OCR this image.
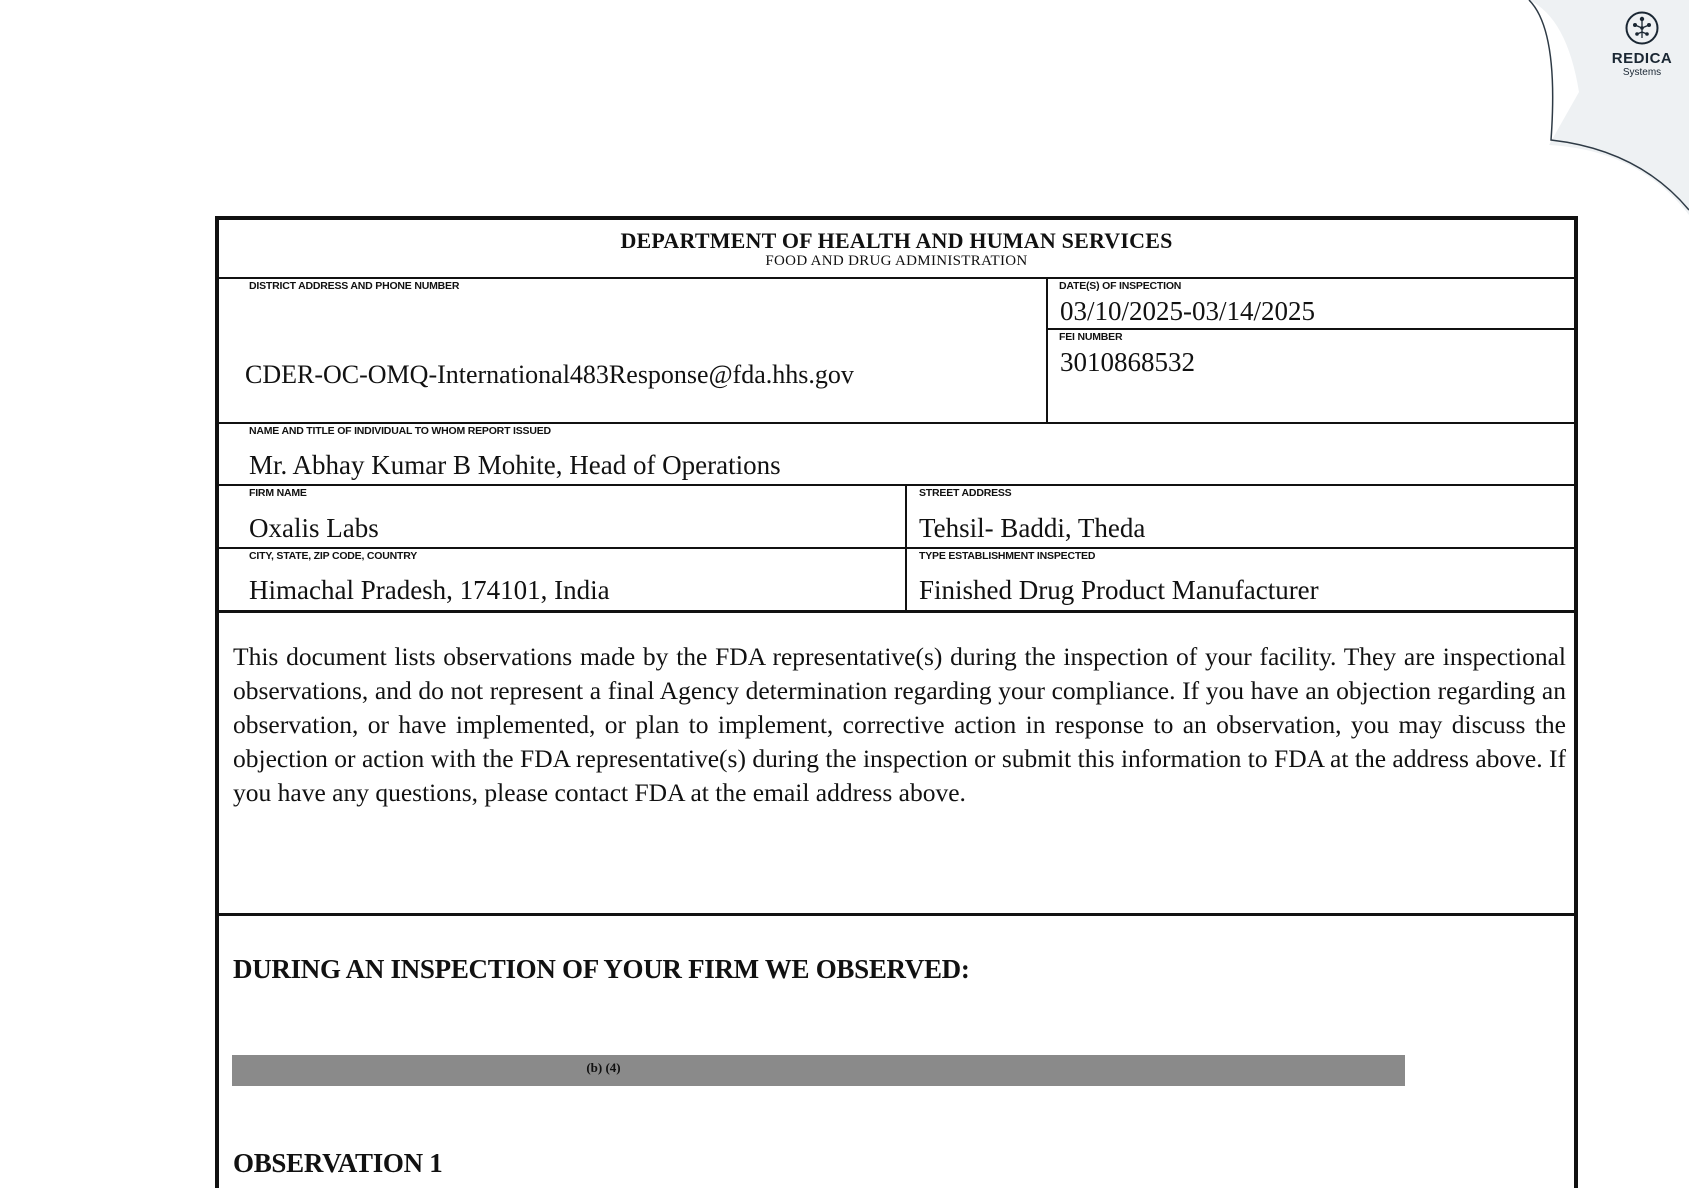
REDICA
Systems
DEPARTMENT OF HEALTH AND HUMAN SERVICES
FOOD AND DRUG ADMINISTRATION
DISTRICT ADDRESS AND PHONE NUMBER
CDER-OC-OMQ-International483Response@fda.hhs.gov
DATE(S) OF INSPECTION
03/10/2025-03/14/2025
FEI NUMBER
3010868532
NAME AND TITLE OF INDIVIDUAL TO WHOM REPORT ISSUED
Mr. Abhay Kumar B Mohite, Head of Operations
FIRM NAME
Oxalis Labs
STREET ADDRESS
Tehsil- Baddi, Theda
CITY, STATE, ZIP CODE, COUNTRY
Himachal Pradesh, 174101, India
TYPE ESTABLISHMENT INSPECTED
Finished Drug Product Manufacturer
This document lists observations made by the FDA representative(s) during the inspection of your facility. They are inspectional observations, and do not represent a final Agency determination regarding your compliance. If you have an objection regarding an observation, or have implemented, or plan to implement, corrective action in response to an observation, you may discuss the objection or action with the FDA representative(s) during the inspection or submit this information to FDA at the address above. If you have any questions, please contact FDA at the email address above.
DURING AN INSPECTION OF YOUR FIRM WE OBSERVED:
(b) (4)
OBSERVATION 1
